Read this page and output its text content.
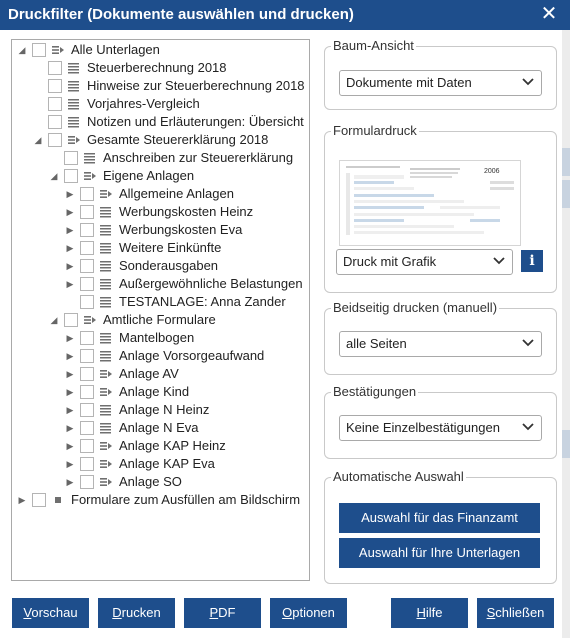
Druckfilter (Dokumente auswählen und drucken)	✕
◢	Alle Unterlagen
Steuerberechnung 2018
Hinweise zur Steuerberechnung 2018
Vorjahres-Vergleich
Notizen und Erläuterungen: Übersicht
◢	Gesamte Steuererklärung 2018
Anschreiben zur Steuererklärung
◢	Eigene Anlagen
▶	Allgemeine Anlagen
▶	Werbungskosten Heinz
▶	Werbungskosten Eva
▶	Weitere Einkünfte
▶	Sonderausgaben
▶	Außergewöhnliche Belastungen
TESTANLAGE: Anna Zander
◢	Amtliche Formulare
▶	Mantelbogen
▶	Anlage Vorsorgeaufwand
▶	Anlage AV
▶	Anlage Kind
▶	Anlage N Heinz
▶	Anlage N Eva
▶	Anlage KAP Heinz
▶	Anlage KAP Eva
▶	Anlage SO
▶	Formulare zum Ausfüllen am Bildschirm
Baum-Ansicht
Dokumente mit Daten
Formulardruck
2006
Druck mit Grafik	i
Beidseitig drucken (manuell)
alle Seiten
Bestätigungen
Keine Einzelbestätigungen
Automatische Auswahl
Auswahl für das Finanzamt
Auswahl für Ihre Unterlagen
Vorschau	Drucken	PDF	Optionen	Hilfe	Schließen
